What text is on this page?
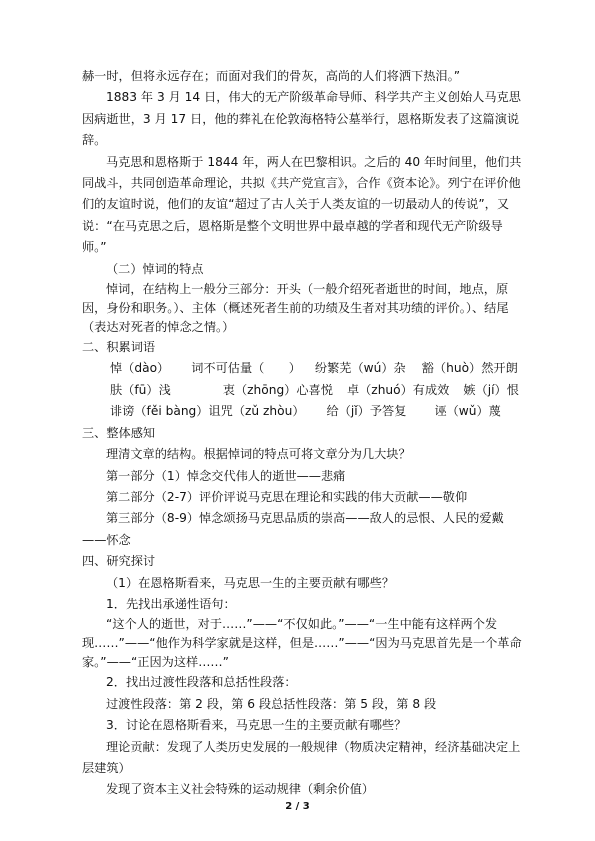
赫一时，但将永远存在；而面对我们的骨灰，高尚的人们将洒下热泪。”

1883 年 3 月 14 日，伟大的无产阶级革命导师、科学共产主义创始人马克思因病逝世，3 月 17 日，他的葬礼在伦敦海格特公墓举行，恩格斯发表了这篇演说辞。

马克思和恩格斯于 1844 年，两人在巴黎相识。之后的 40 年时间里，他们共同战斗，共同创造革命理论，共拟《共产党宣言》，合作《资本论》。列宁在评价他们的友谊时说，他们的友谊“超过了古人关于人类友谊的一切最动人的传说”，又说：“在马克思之后，恩格斯是整个文明世界中最卓越的学者和现代无产阶级导师。”

（二）悼词的特点

悼词，在结构上一般分三部分：开头（一般介绍死者逝世的时间，地点，原因，身份和职务。）、主体（概述死者生前的功绩及生者对其功绩的评价。）、结尾（表达对死者的悼念之情。）

二、积累词语

悼（dào） 词不可估量（　　） 纷繁芜（wú）杂 豁（huò）然开朗

肤（fū）浅	衷（zhōng）心喜悦 卓（zhuó）有成效 嫉（jí）恨

诽谤（fěi bàng）诅咒（zǔ zhòu） 给（jǐ）予答复 诬（wǔ）蔑

三、整体感知

理清文章的结构。根据悼词的特点可将文章分为几大块？

第一部分（1）悼念交代伟人的逝世——悲痛

第二部分（2-7）评价评说马克思在理论和实践的伟大贡献——敬仰

第三部分（8-9）悼念颂扬马克思品质的崇高——敌人的忌恨、人民的爱戴——怀念

四、研究探讨

（1）在恩格斯看来，马克思一生的主要贡献有哪些？

1．先找出承递性语句：

“这个人的逝世，对于……”——“不仅如此。”——“一生中能有这样两个发现……”——“他作为科学家就是这样，但是……”——“因为马克思首先是一个革命家。”——“正因为这样……”

2．找出过渡性段落和总括性段落：

过渡性段落：第 2 段，第 6 段总括性段落：第 5 段，第 8 段

3．讨论在恩格斯看来，马克思一生的主要贡献有哪些？

理论贡献：发现了人类历史发展的一般规律（物质决定精神，经济基础决定上层建筑）

发现了资本主义社会特殊的运动规律（剩余价值）

2 / 3
